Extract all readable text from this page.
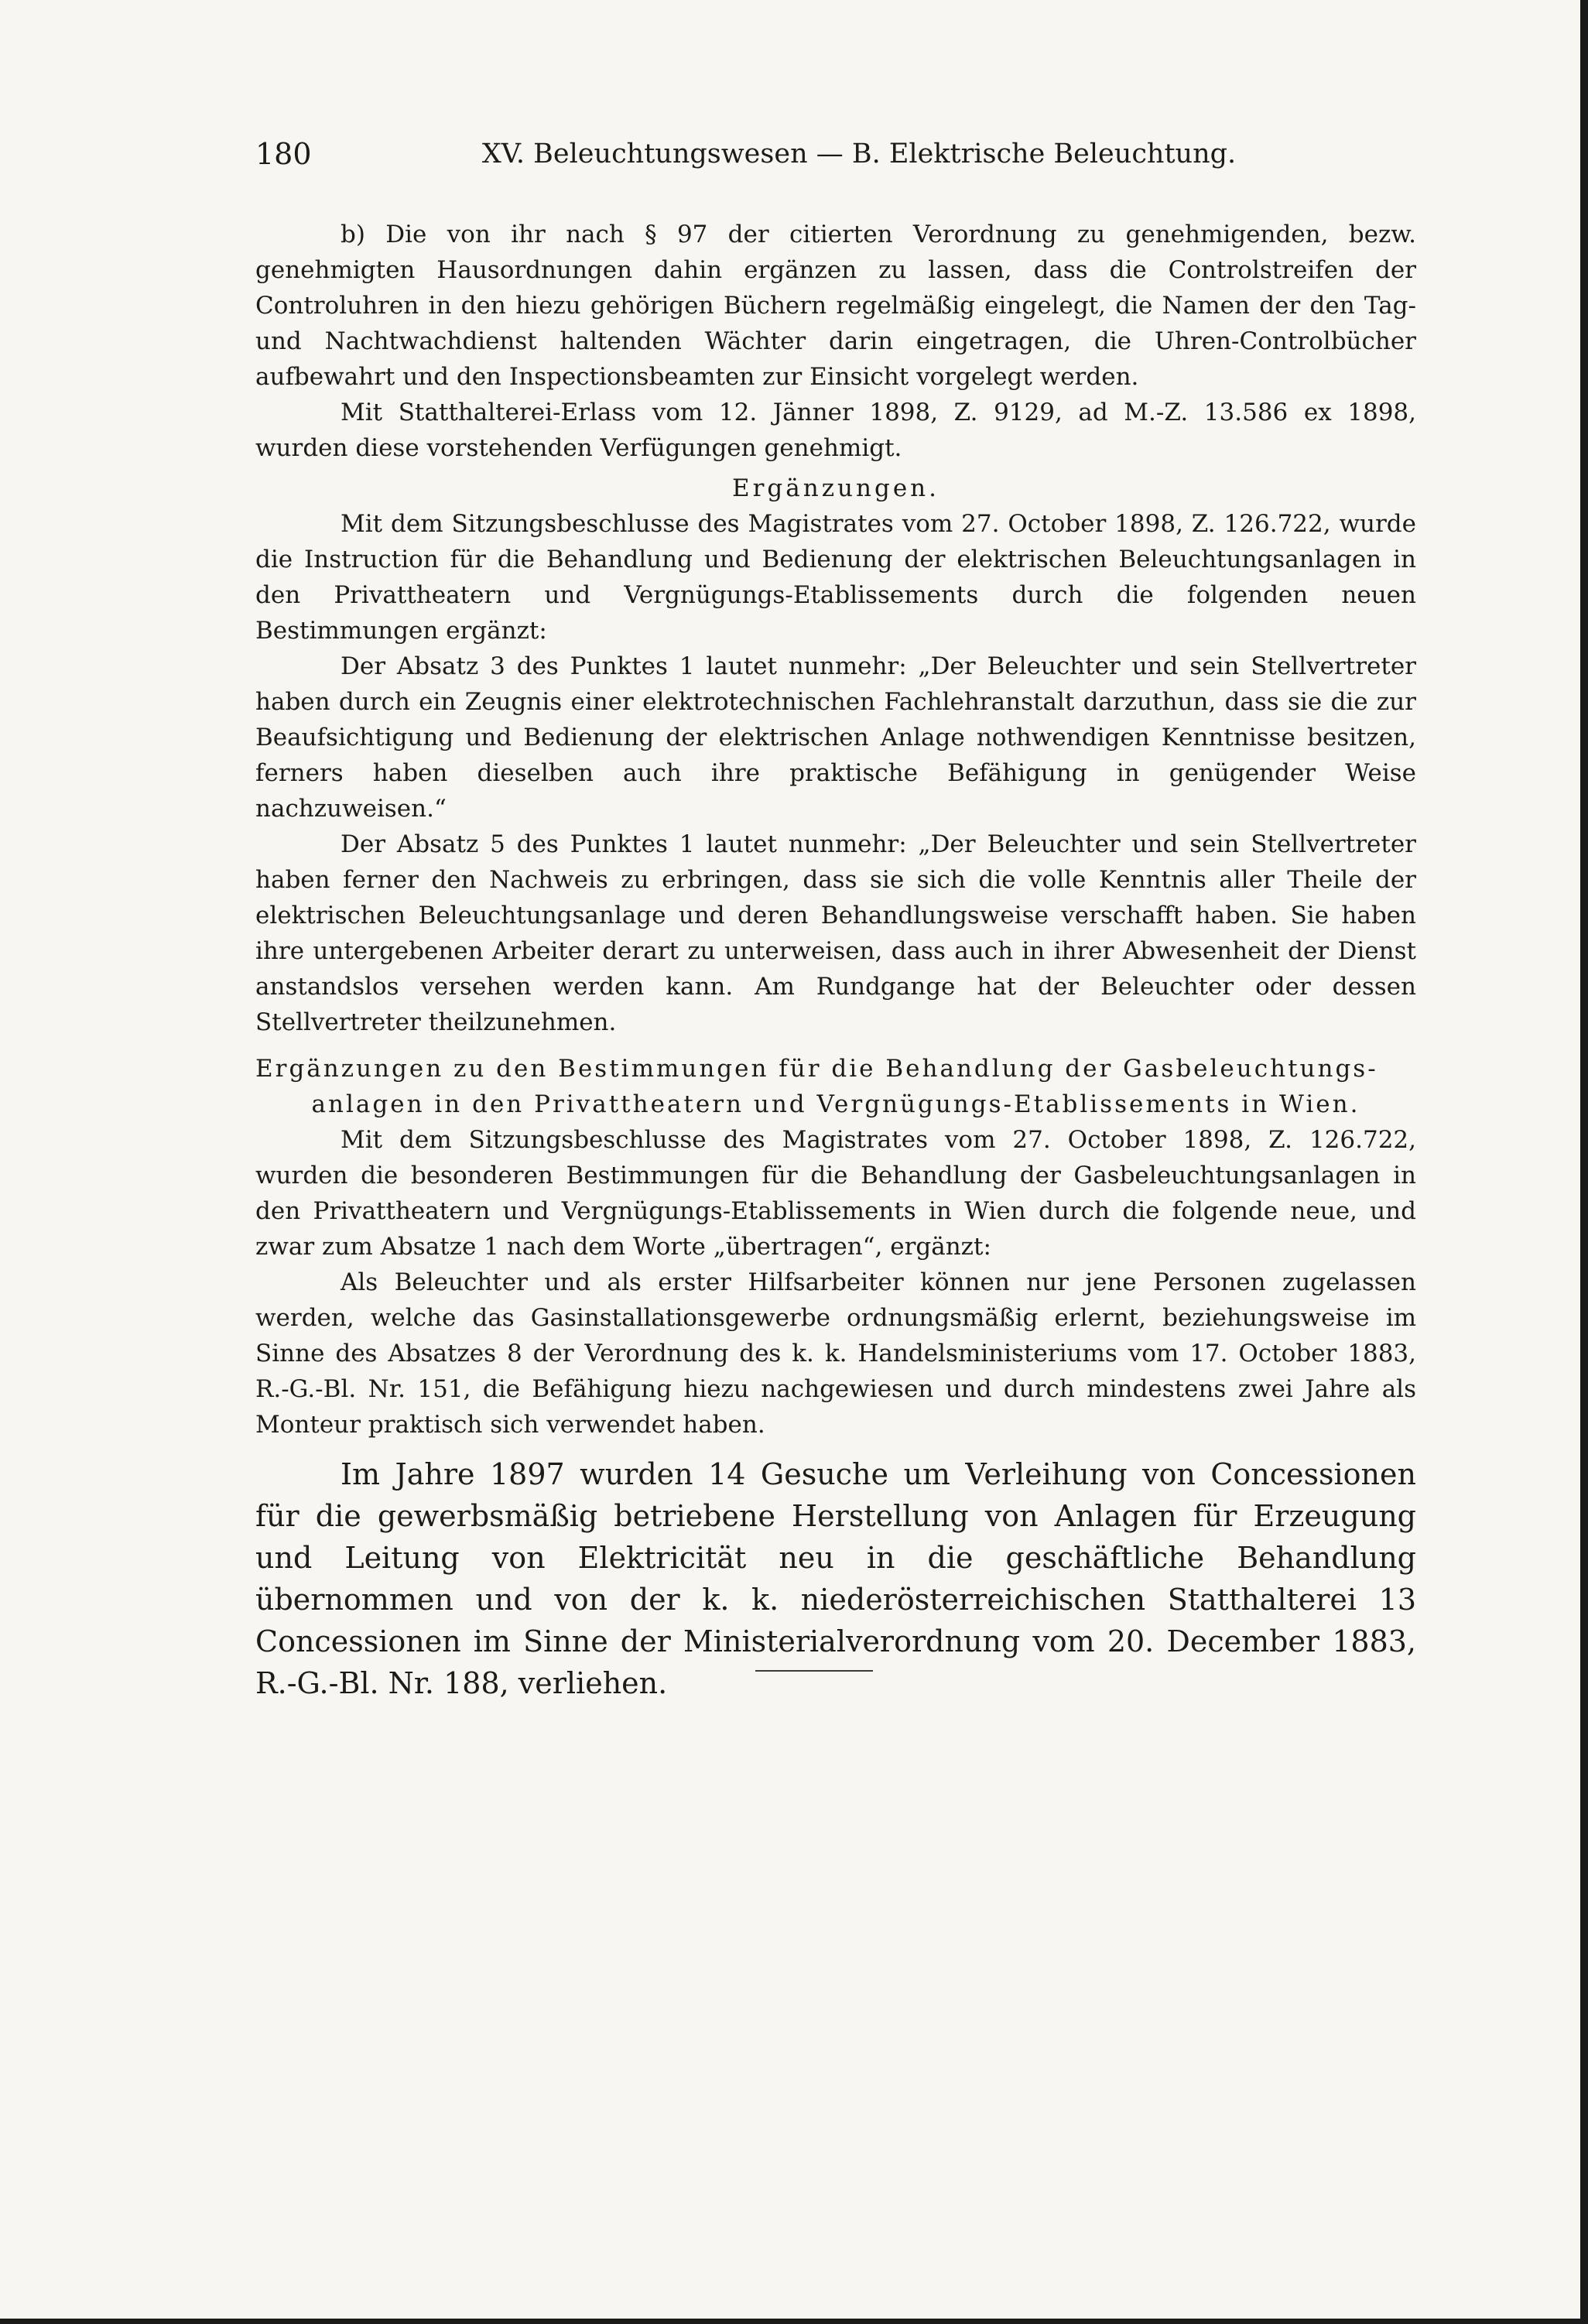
180	XV. Beleuchtungswesen — B. Elektrische Beleuchtung.

b) Die von ihr nach § 97 der citierten Verordnung zu genehmigenden, bezw. genehmigten Hausordnungen dahin ergänzen zu lassen, dass die Controlstreifen der Controluhren in den hiezu gehörigen Büchern regelmäßig eingelegt, die Namen der den Tag- und Nachtwachdienst haltenden Wächter darin eingetragen, die Uhren-Controlbücher aufbewahrt und den Inspectionsbeamten zur Einsicht vorgelegt werden.

Mit Statthalterei-Erlass vom 12. Jänner 1898, Z. 9129, ad M.-Z. 13.586 ex 1898, wurden diese vorstehenden Verfügungen genehmigt.

Ergänzungen.

Mit dem Sitzungsbeschlusse des Magistrates vom 27. October 1898, Z. 126.722, wurde die Instruction für die Behandlung und Bedienung der elektrischen Beleuchtungsanlagen in den Privattheatern und Vergnügungs-Etablissements durch die folgenden neuen Bestimmungen ergänzt:

Der Absatz 3 des Punktes 1 lautet nunmehr: „Der Beleuchter und sein Stellvertreter haben durch ein Zeugnis einer elektrotechnischen Fachlehranstalt darzuthun, dass sie die zur Beaufsichtigung und Bedienung der elektrischen Anlage nothwendigen Kenntnisse besitzen, ferners haben dieselben auch ihre praktische Befähigung in genügender Weise nachzuweisen.“

Der Absatz 5 des Punktes 1 lautet nunmehr: „Der Beleuchter und sein Stellvertreter haben ferner den Nachweis zu erbringen, dass sie sich die volle Kenntnis aller Theile der elektrischen Beleuchtungsanlage und deren Behandlungsweise verschafft haben. Sie haben ihre untergebenen Arbeiter derart zu unterweisen, dass auch in ihrer Abwesenheit der Dienst anstandslos versehen werden kann. Am Rundgange hat der Beleuchter oder dessen Stellvertreter theilzunehmen.

Ergänzungen zu den Bestimmungen für die Behandlung der Gasbeleuchtungs-

anlagen in den Privattheatern und Vergnügungs-Etablissements in Wien.

Mit dem Sitzungsbeschlusse des Magistrates vom 27. October 1898, Z. 126.722, wurden die besonderen Bestimmungen für die Behandlung der Gasbeleuchtungsanlagen in den Privattheatern und Vergnügungs-Etablissements in Wien durch die folgende neue, und zwar zum Absatze 1 nach dem Worte „übertragen“, ergänzt:

Als Beleuchter und als erster Hilfsarbeiter können nur jene Personen zugelassen werden, welche das Gasinstallationsgewerbe ordnungsmäßig erlernt, beziehungsweise im Sinne des Absatzes 8 der Verordnung des k. k. Handelsministeriums vom 17. October 1883, R.-G.-Bl. Nr. 151, die Befähigung hiezu nachgewiesen und durch mindestens zwei Jahre als Monteur praktisch sich verwendet haben.

Im Jahre 1897 wurden 14 Gesuche um Verleihung von Concessionen für die gewerbsmäßig betriebene Herstellung von Anlagen für Erzeugung und Leitung von Elektricität neu in die geschäftliche Behandlung übernommen und von der k. k. niederösterreichischen Statthalterei 13 Concessionen im Sinne der Ministerialverordnung vom 20. December 1883, R.-G.-Bl. Nr. 188, verliehen.
